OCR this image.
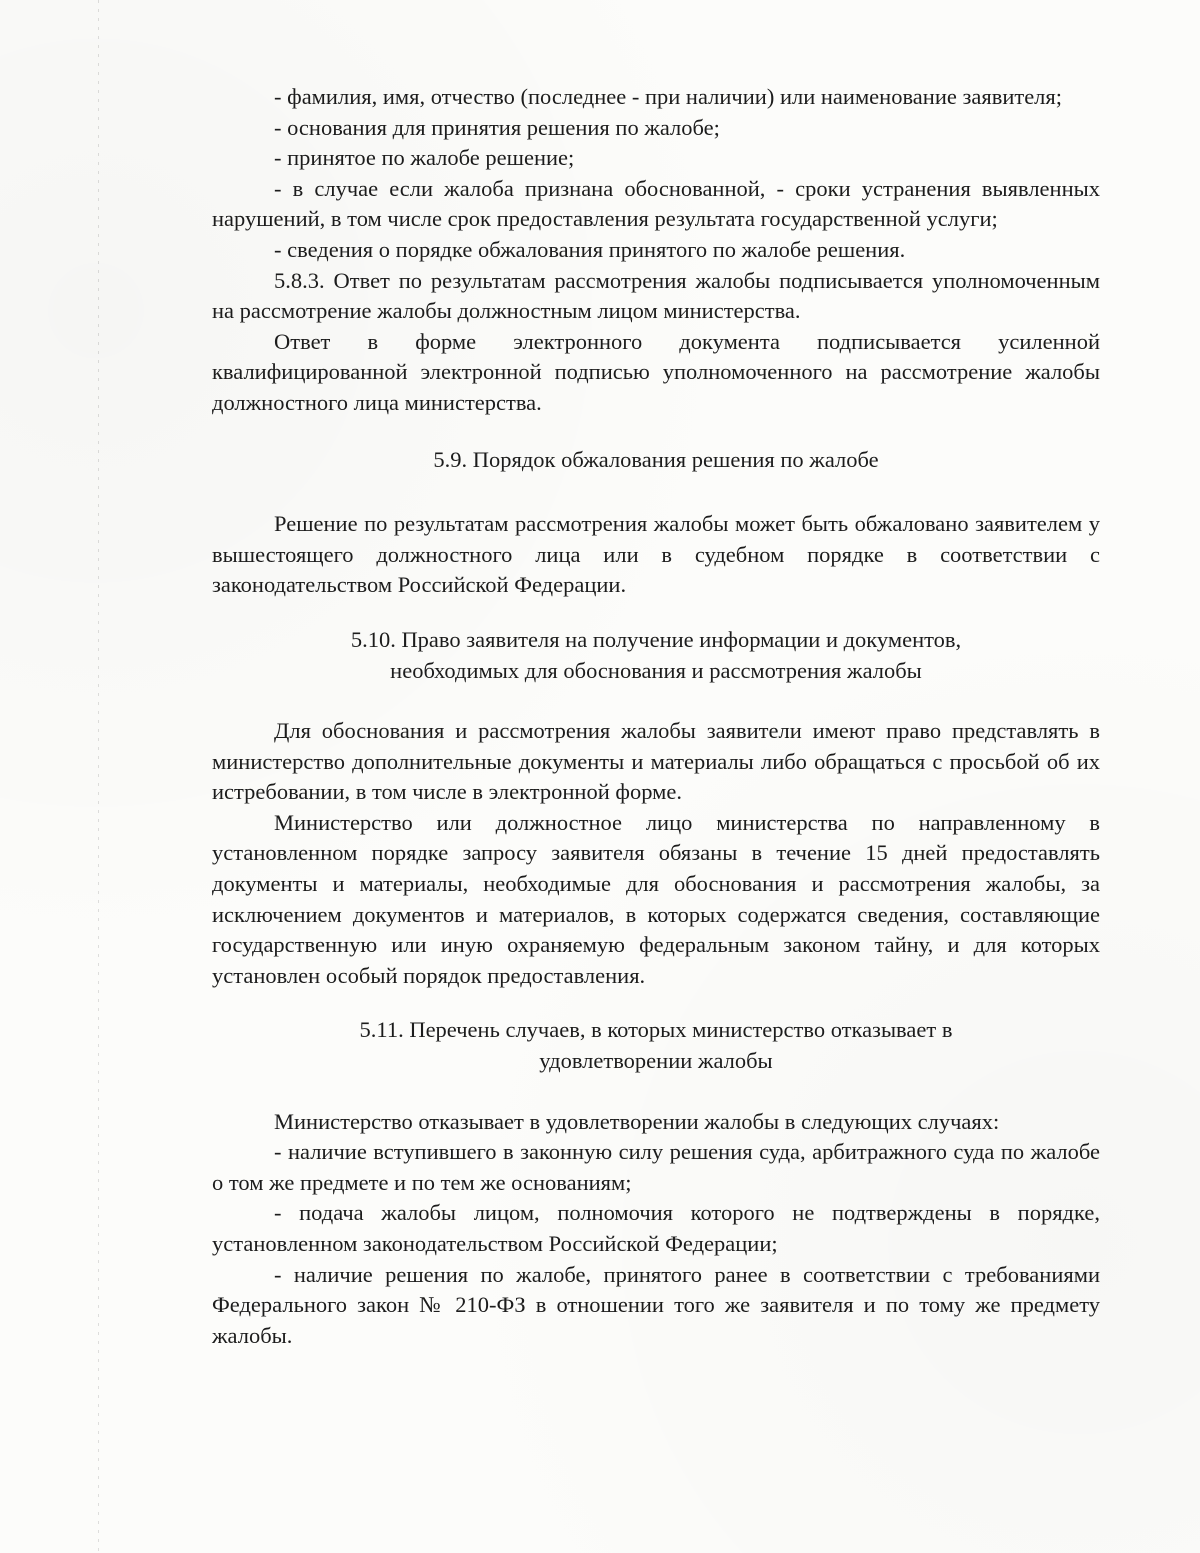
- фамилия, имя, отчество (последнее - при наличии) или наименование заявителя;

- основания для принятия решения по жалобе;

- принятое по жалобе решение;

- в случае если жалоба признана обоснованной, - сроки устранения выявленных нарушений, в том числе срок предоставления результата государственной услуги;

- сведения о порядке обжалования принятого по жалобе решения.

5.8.3. Ответ по результатам рассмотрения жалобы подписывается уполномоченным на рассмотрение жалобы должностным лицом министерства.

Ответ в форме электронного документа подписывается усиленной квалифицированной электронной подписью уполномоченного на рассмотрение жалобы должностного лица министерства.

5.9. Порядок обжалования решения по жалобе

Решение по результатам рассмотрения жалобы может быть обжаловано заявителем у вышестоящего должностного лица или в судебном порядке в соответствии с законодательством Российской Федерации.

5.10. Право заявителя на получение информации и документов,
необходимых для обоснования и рассмотрения жалобы

Для обоснования и рассмотрения жалобы заявители имеют право представлять в министерство дополнительные документы и материалы либо обращаться с просьбой об их истребовании, в том числе в электронной форме.

Министерство или должностное лицо министерства по направленному в установленном порядке запросу заявителя обязаны в течение 15 дней предоставлять документы и материалы, необходимые для обоснования и рассмотрения жалобы, за исключением документов и материалов, в которых содержатся сведения, составляющие государственную или иную охраняемую федеральным законом тайну, и для которых установлен особый порядок предоставления.

5.11. Перечень случаев, в которых министерство отказывает в
удовлетворении жалобы

Министерство отказывает в удовлетворении жалобы в следующих случаях:

- наличие вступившего в законную силу решения суда, арбитражного суда по жалобе о том же предмете и по тем же основаниям;

- подача жалобы лицом, полномочия которого не подтверждены в порядке, установленном законодательством Российской Федерации;

- наличие решения по жалобе, принятого ранее в соответствии с требованиями Федерального закон № 210-ФЗ в отношении того же заявителя и по тому же предмету жалобы.
